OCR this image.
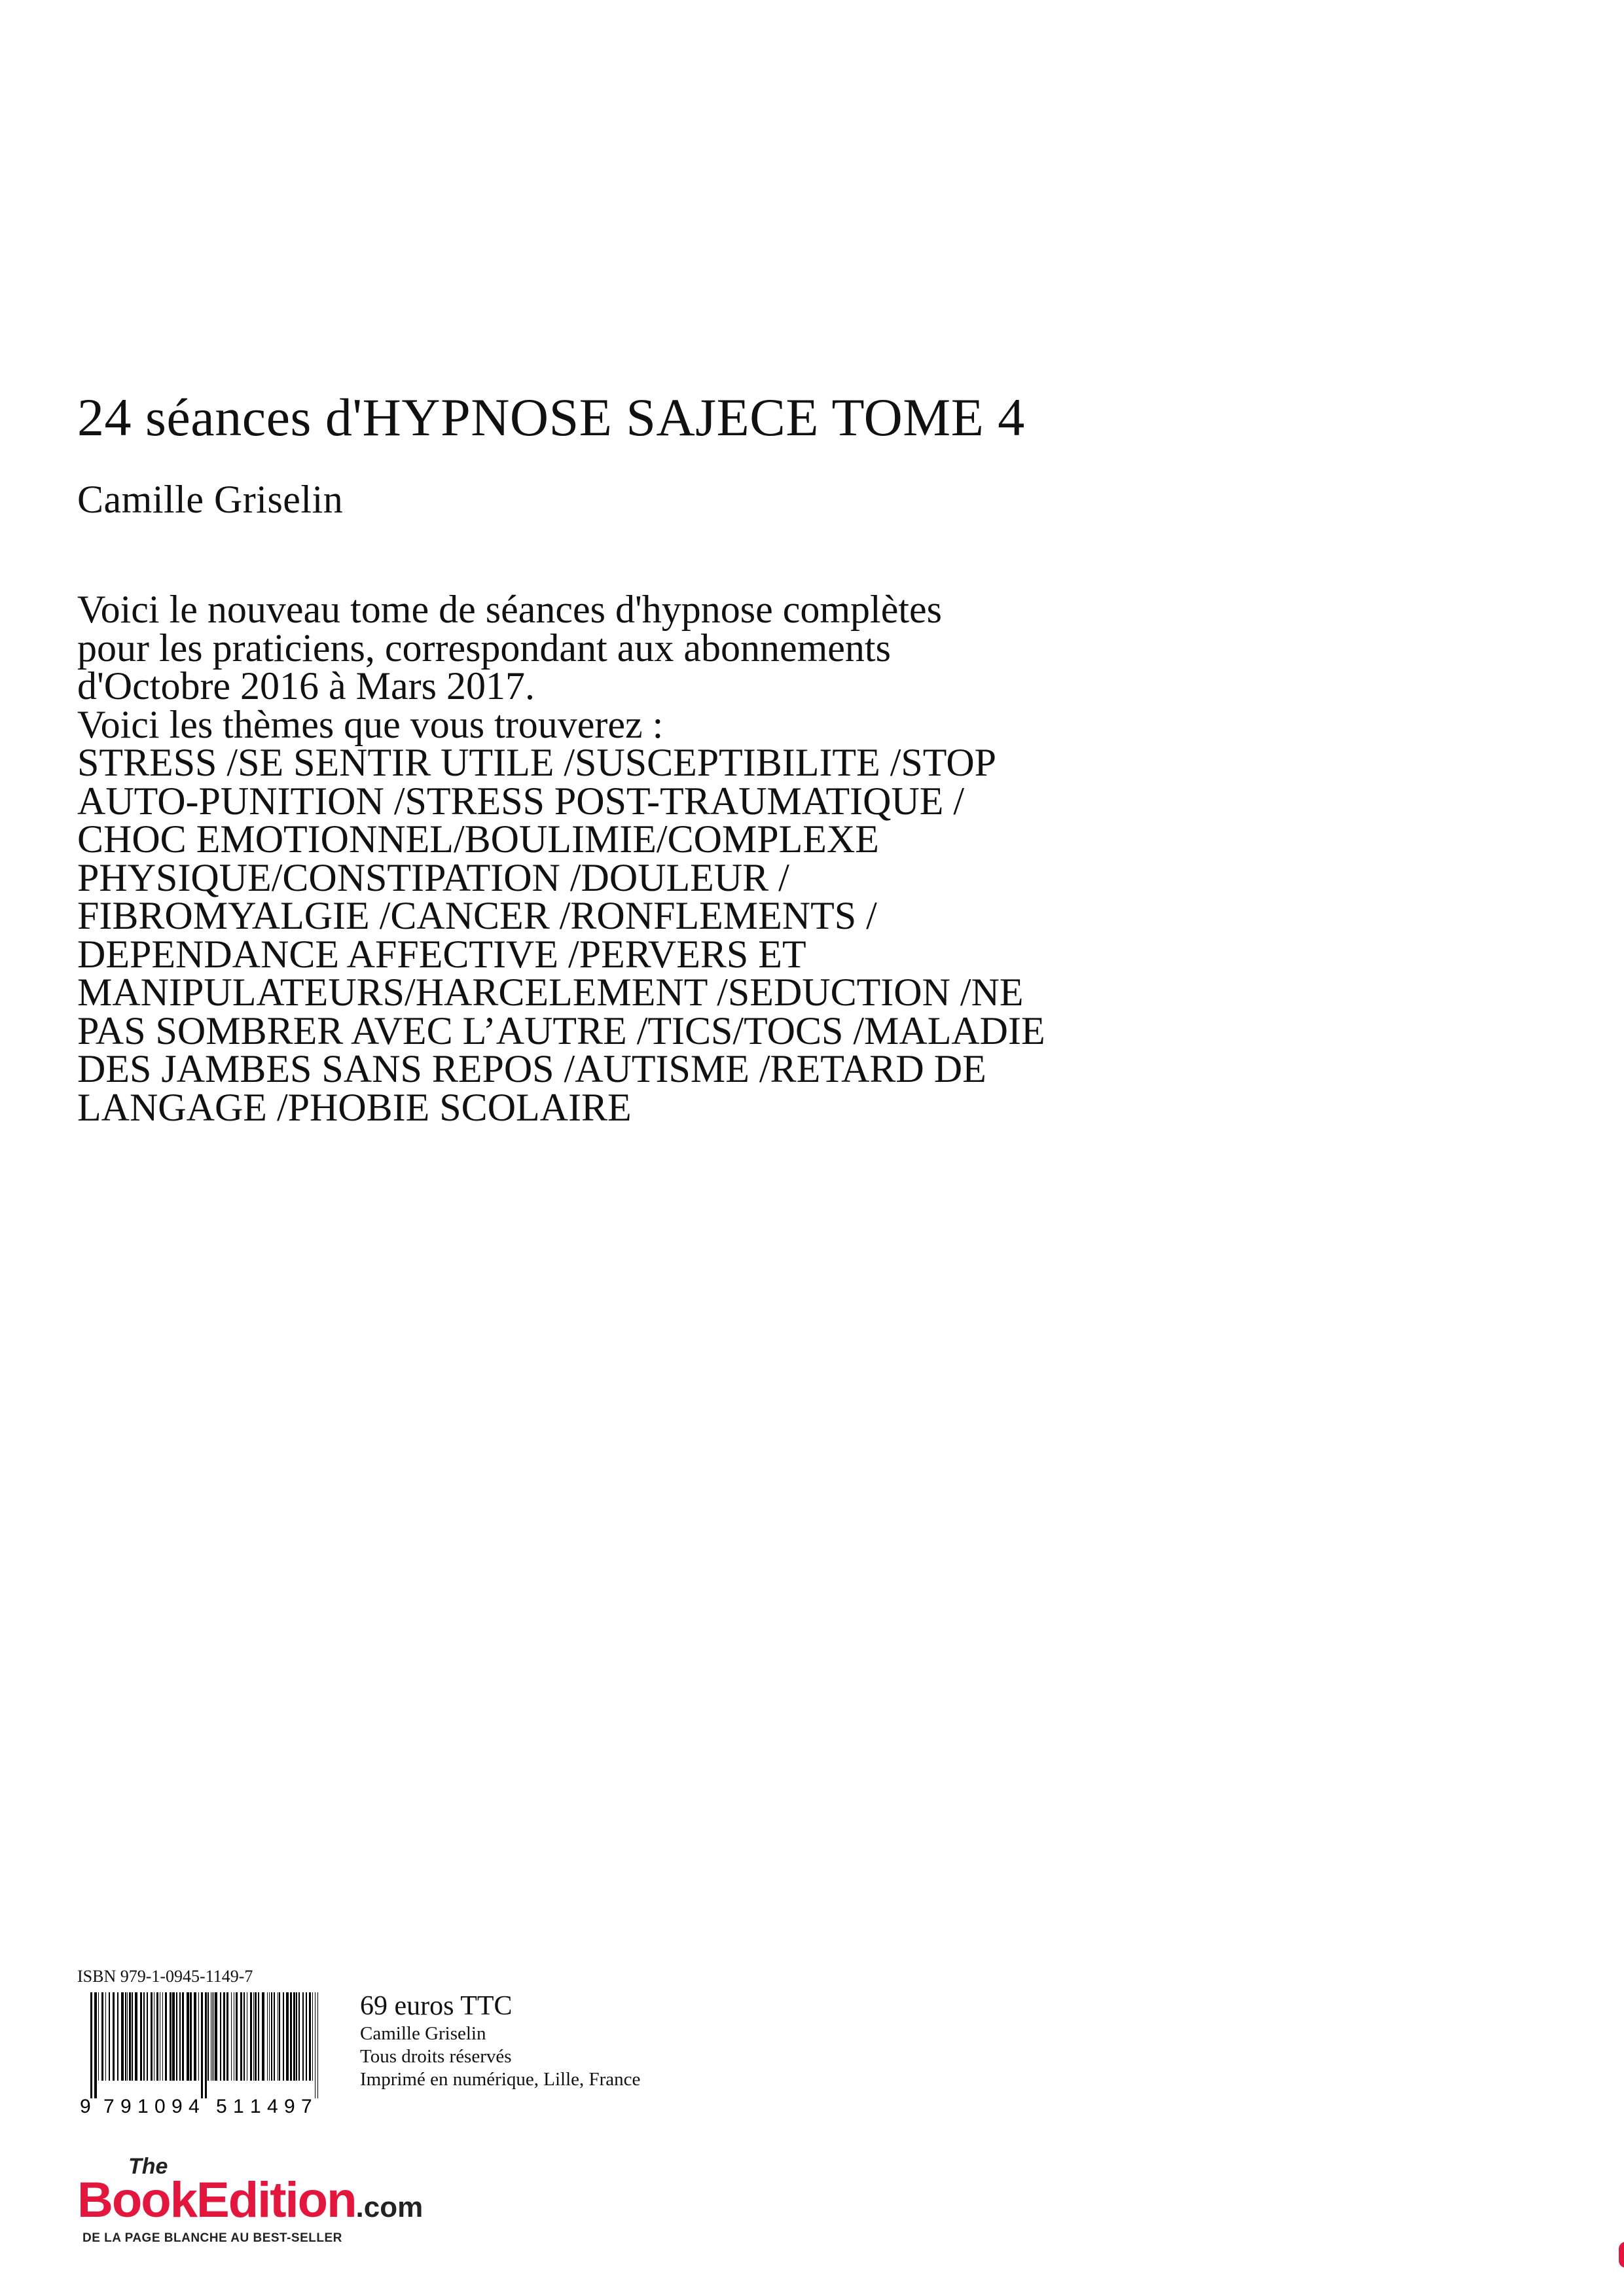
24 séances d'HYPNOSE SAJECE TOME 4
Camille Griselin
Voici le nouveau tome de séances d'hypnose complètes
pour les praticiens, correspondant aux abonnements
d'Octobre 2016 à Mars 2017.
Voici les thèmes que vous trouverez :
STRESS /SE SENTIR UTILE /SUSCEPTIBILITE /STOP
AUTO-PUNITION /STRESS POST-TRAUMATIQUE /
CHOC EMOTIONNEL/BOULIMIE/COMPLEXE
PHYSIQUE/CONSTIPATION /DOULEUR /
FIBROMYALGIE /CANCER /RONFLEMENTS /
DEPENDANCE AFFECTIVE /PERVERS ET
MANIPULATEURS/HARCELEMENT /SEDUCTION /NE
PAS SOMBRER AVEC L’AUTRE /TICS/TOCS /MALADIE
DES JAMBES SANS REPOS /AUTISME /RETARD DE
LANGAGE /PHOBIE SCOLAIRE
ISBN 979-1-0945-1149-7
9 7 9 1 0 9 4 5 1 1 4 9 7
69 euros TTC
Camille Griselin
Tous droits réservés
Imprimé en numérique, Lille, France
The
BookEdition.com
DE LA PAGE BLANCHE AU BEST-SELLER
